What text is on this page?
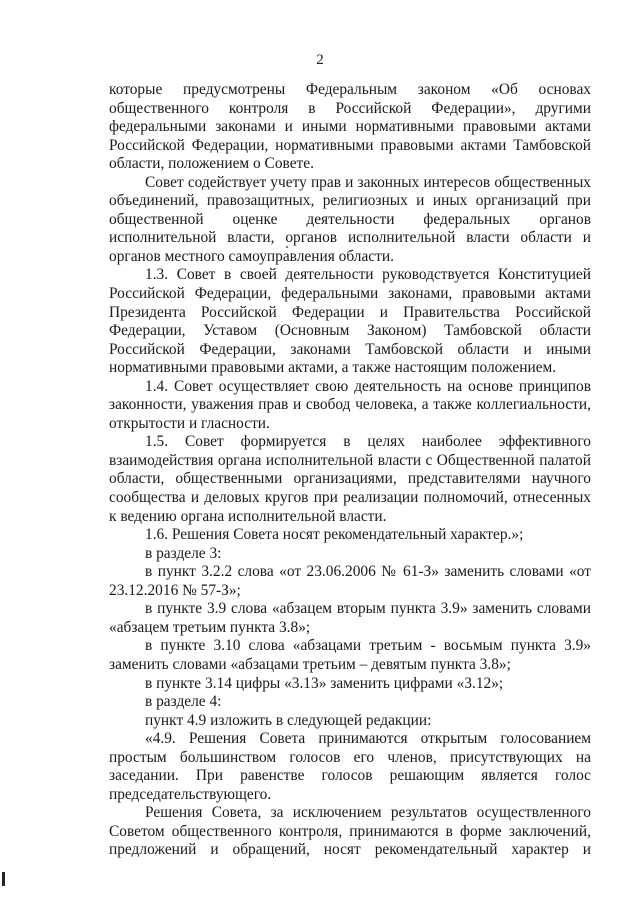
2

которые предусмотрены Федеральным законом «Об основах общественного контроля в Российской Федерации», другими федеральными законами и иными нормативными правовыми актами Российской Федерации, нормативными правовыми актами Тамбовской области, положением о Совете.

Совет содействует учету прав и законных интересов общественных объединений, правозащитных, религиозных и иных организаций при общественной оценке деятельности федеральных органов исполнительной власти, органов исполнительной власти области и органов местного самоуправления области.

1.3. Совет в своей деятельности руководствуется Конституцией Российской Федерации, федеральными законами, правовыми актами Президента Российской Федерации и Правительства Российской Федерации, Уставом (Основным Законом) Тамбовской области Российской Федерации, законами Тамбовской области и иными нормативными правовыми актами, а также настоящим положением.

1.4. Совет осуществляет свою деятельность на основе принципов законности, уважения прав и свобод человека, а также коллегиальности, открытости и гласности.

1.5. Совет формируется в целях наиболее эффективного взаимодействия органа исполнительной власти с Общественной палатой области, общественными организациями, представителями научного сообщества и деловых кругов при реализации полномочий, отнесенных к ведению органа исполнительной власти.

1.6. Решения Совета носят рекомендательный характер.»;

в разделе 3:

в пункт 3.2.2 слова «от 23.06.2006 № 61-З» заменить словами «от 23.12.2016 № 57-З»;

в пункте 3.9 слова «абзацем вторым пункта 3.9» заменить словами «абзацем третьим пункта 3.8»;

в пункте 3.10 слова «абзацами третьим - восьмым пункта 3.9» заменить словами «абзацами третьим – девятым пункта 3.8»;

в пункте 3.14 цифры «3.13» заменить цифрами «3.12»;

в разделе 4:

пункт 4.9 изложить в следующей редакции:

«4.9. Решения Совета принимаются открытым голосованием простым большинством голосов его членов, присутствующих на заседании. При равенстве голосов решающим является голос председательствующего.

Решения Совета, за исключением результатов осуществленного Советом общественного контроля, принимаются в форме заключений, предложений и обращений, носят рекомендательный характер и
